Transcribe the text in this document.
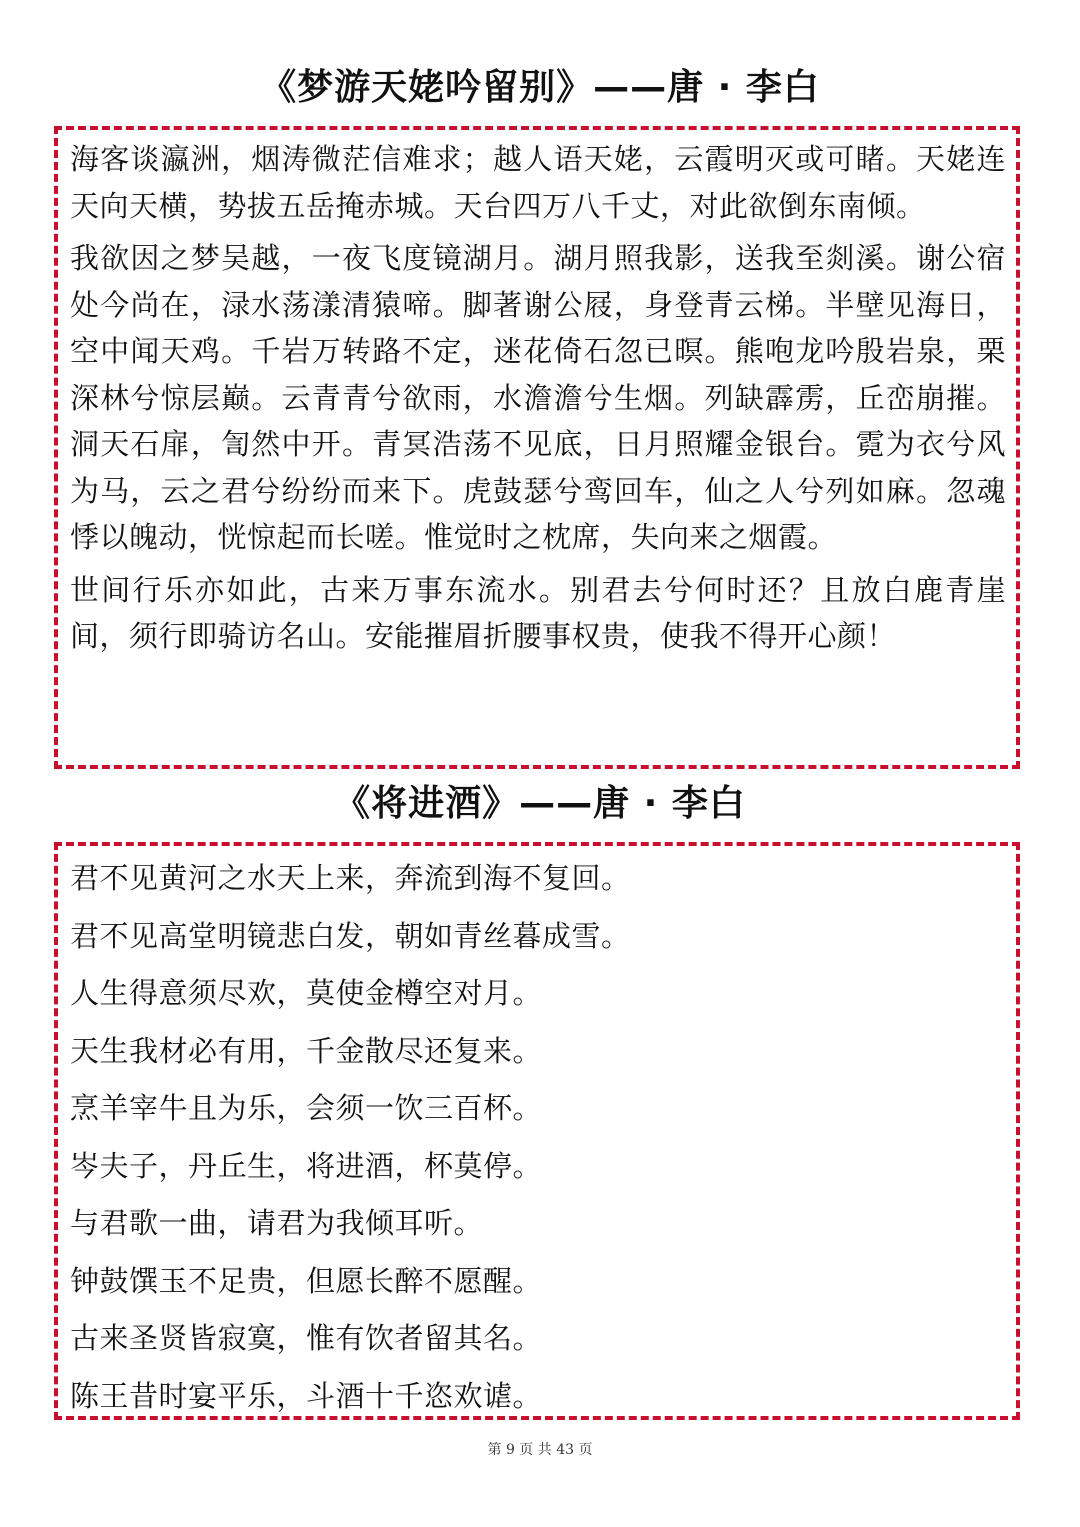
《梦游天姥吟留别》——唐 · 李白

海客谈瀛洲，烟涛微茫信难求；越人语天姥，云霞明灭或可睹。天姥连天向天横，势拔五岳掩赤城。天台四万八千丈，对此欲倒东南倾。

我欲因之梦吴越，一夜飞度镜湖月。湖月照我影，送我至剡溪。谢公宿处今尚在，渌水荡漾清猿啼。脚著谢公屐，身登青云梯。半壁见海日，空中闻天鸡。千岩万转路不定，迷花倚石忽已暝。熊咆龙吟殷岩泉，栗深林兮惊层巅。云青青兮欲雨，水澹澹兮生烟。列缺霹雳，丘峦崩摧。洞天石扉，訇然中开。青冥浩荡不见底，日月照耀金银台。霓为衣兮风为马，云之君兮纷纷而来下。虎鼓瑟兮鸾回车，仙之人兮列如麻。忽魂悸以魄动，恍惊起而长嗟。惟觉时之枕席，失向来之烟霞。

世间行乐亦如此，古来万事东流水。别君去兮何时还？且放白鹿青崖间，须行即骑访名山。安能摧眉折腰事权贵，使我不得开心颜！

《将进酒》——唐 · 李白

君不见黄河之水天上来，奔流到海不复回。

君不见高堂明镜悲白发，朝如青丝暮成雪。

人生得意须尽欢，莫使金樽空对月。

天生我材必有用，千金散尽还复来。

烹羊宰牛且为乐，会须一饮三百杯。

岑夫子，丹丘生，将进酒，杯莫停。

与君歌一曲，请君为我倾耳听。

钟鼓馔玉不足贵，但愿长醉不愿醒。

古来圣贤皆寂寞，惟有饮者留其名。

陈王昔时宴平乐，斗酒十千恣欢谑。

第 9 页 共 43 页
